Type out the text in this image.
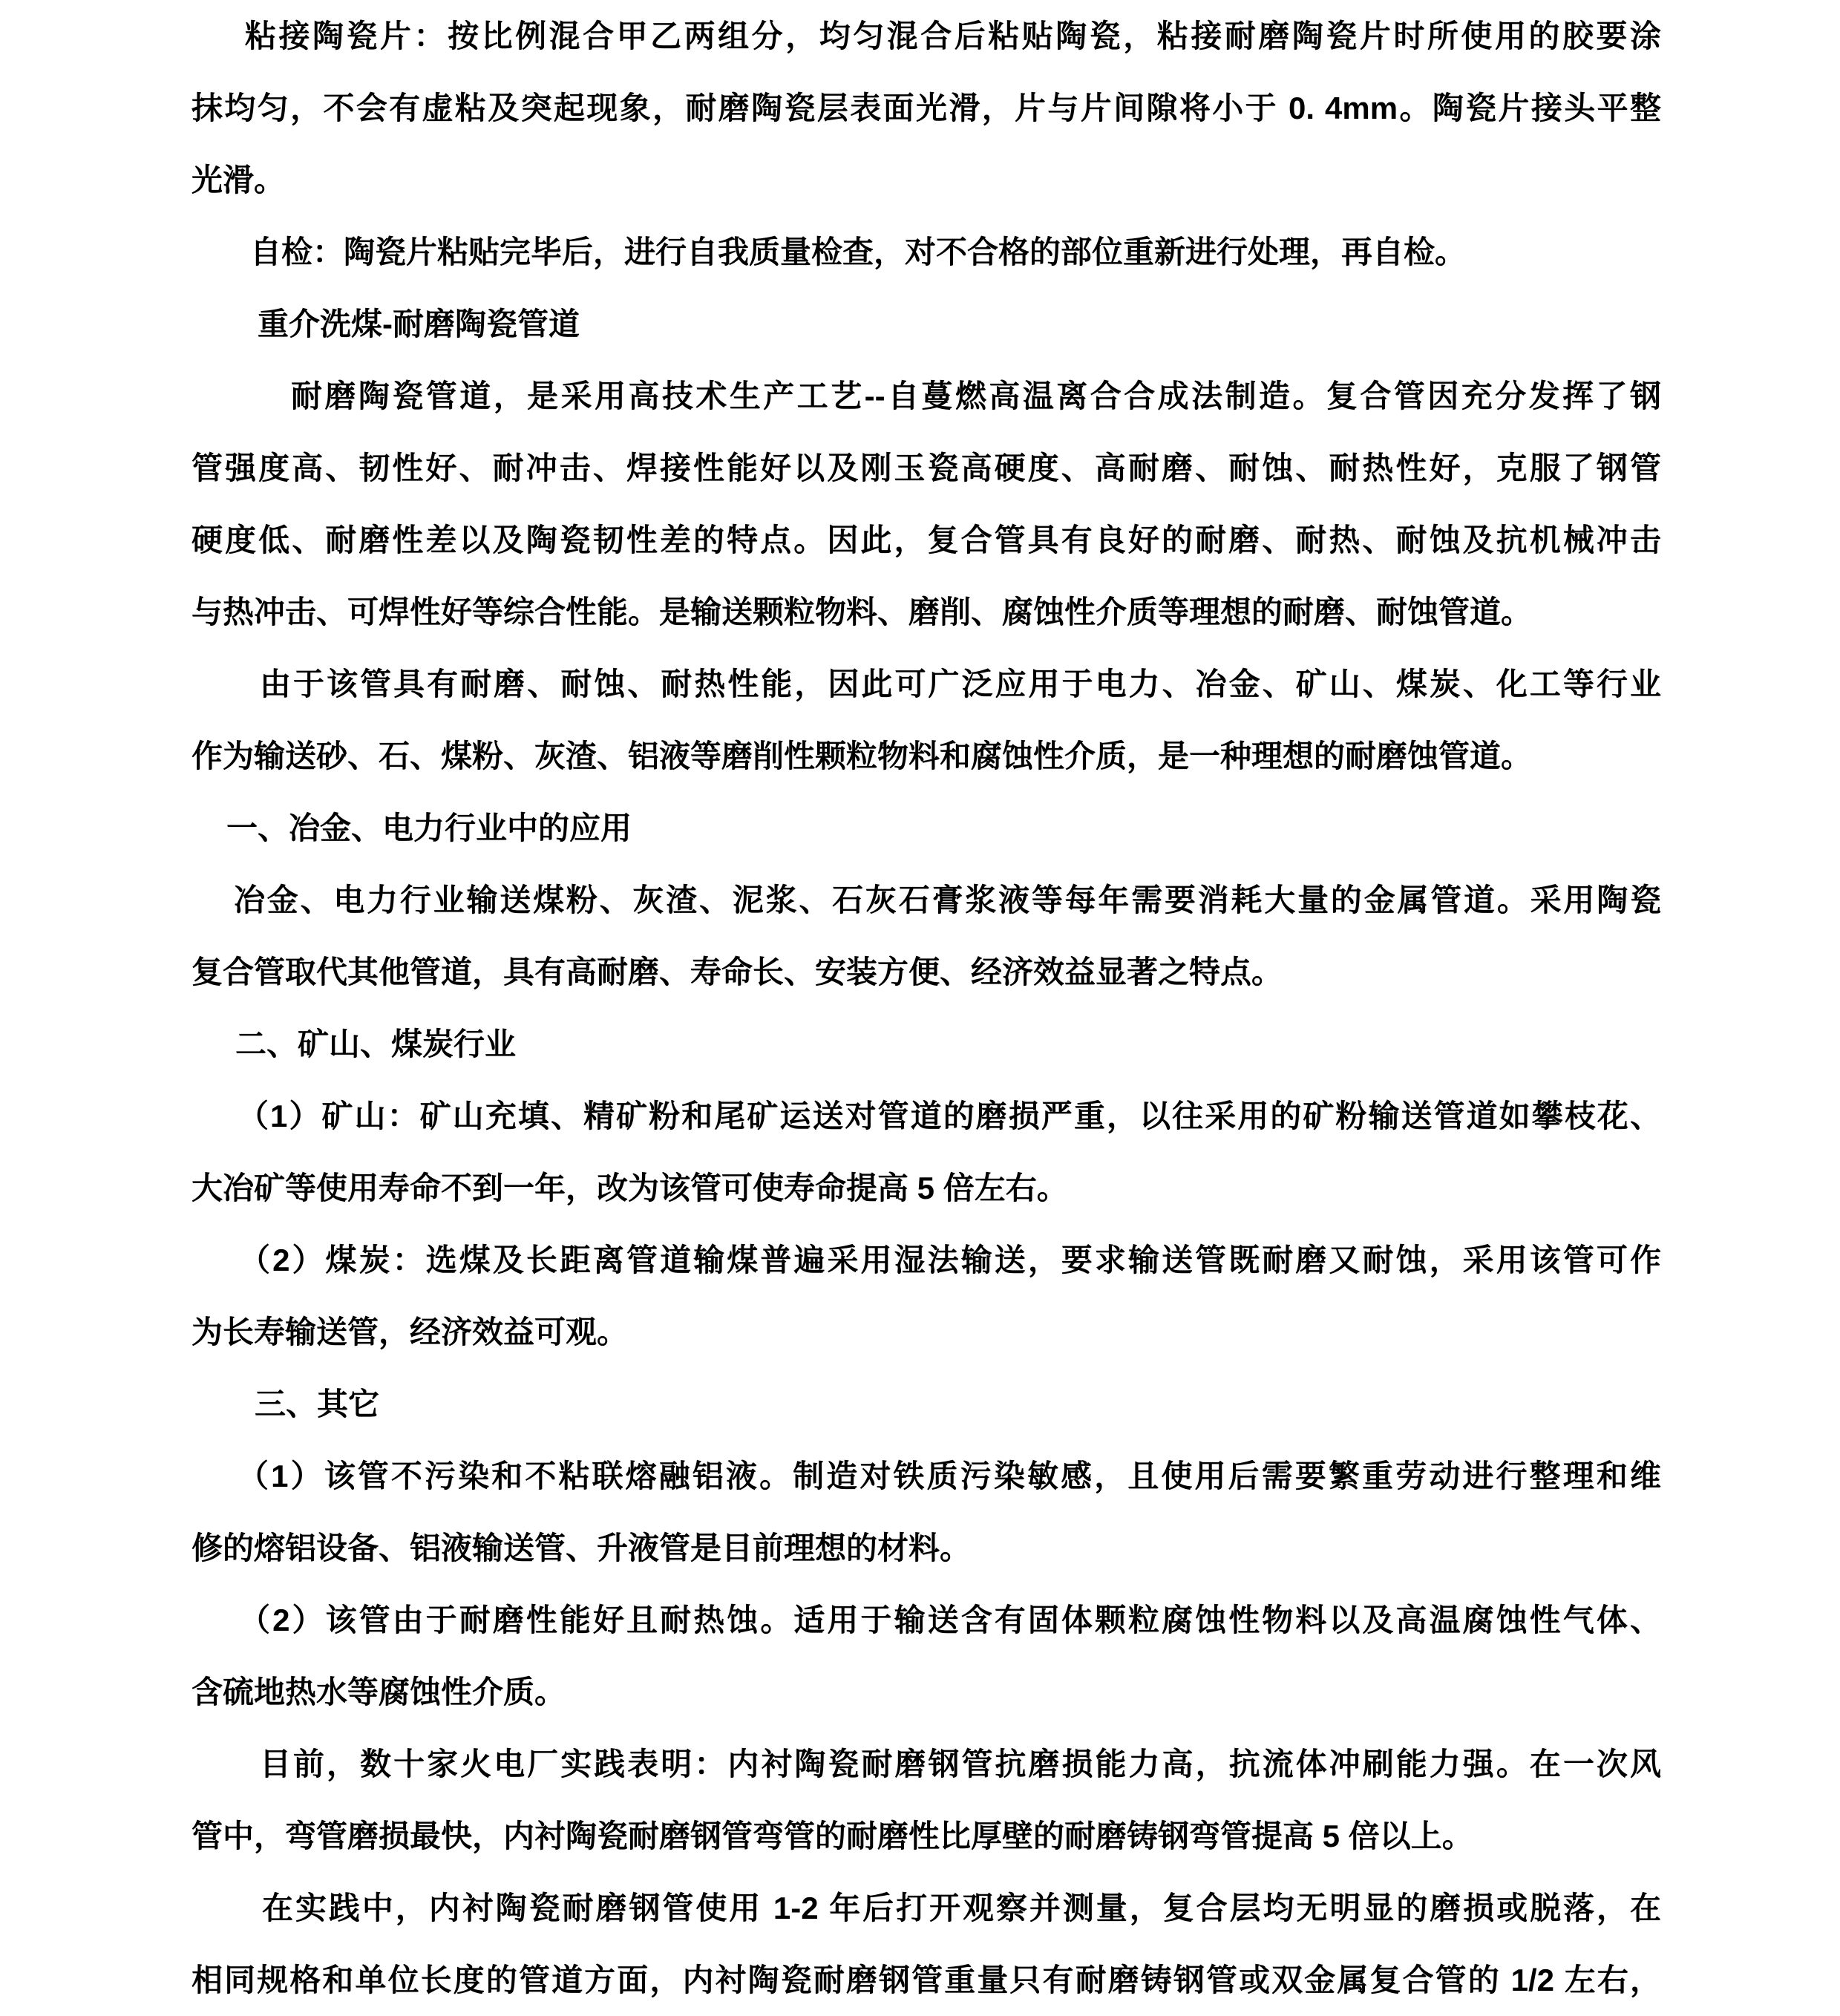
粘接陶瓷片：按比例混合甲乙两组分，均匀混合后粘贴陶瓷，粘接耐磨陶瓷片时所使用的胶要涂
抹均匀，不会有虚粘及突起现象，耐磨陶瓷层表面光滑，片与片间隙将小于 0. 4mm。陶瓷片接头平整
光滑。
自检：陶瓷片粘贴完毕后，进行自我质量检查，对不合格的部位重新进行处理，再自检。
重介洗煤-耐磨陶瓷管道
耐磨陶瓷管道，是采用高技术生产工艺--自蔓燃高温离合合成法制造。复合管因充分发挥了钢
管强度高、韧性好、耐冲击、焊接性能好以及刚玉瓷高硬度、高耐磨、耐蚀、耐热性好，克服了钢管
硬度低、耐磨性差以及陶瓷韧性差的特点。因此，复合管具有良好的耐磨、耐热、耐蚀及抗机械冲击
与热冲击、可焊性好等综合性能。是输送颗粒物料、磨削、腐蚀性介质等理想的耐磨、耐蚀管道。
由于该管具有耐磨、耐蚀、耐热性能，因此可广泛应用于电力、冶金、矿山、煤炭、化工等行业
作为输送砂、石、煤粉、灰渣、铝液等磨削性颗粒物料和腐蚀性介质，是一种理想的耐磨蚀管道。
一、冶金、电力行业中的应用
冶金、电力行业输送煤粉、灰渣、泥浆、石灰石膏浆液等每年需要消耗大量的金属管道。采用陶瓷
复合管取代其他管道，具有高耐磨、寿命长、安装方便、经济效益显著之特点。
二、矿山、煤炭行业
（1）矿山：矿山充填、精矿粉和尾矿运送对管道的磨损严重，以往采用的矿粉输送管道如攀枝花、
大冶矿等使用寿命不到一年，改为该管可使寿命提高 5 倍左右。
（2）煤炭：选煤及长距离管道输煤普遍采用湿法输送，要求输送管既耐磨又耐蚀，采用该管可作
为长寿输送管，经济效益可观。
三、其它
（1）该管不污染和不粘联熔融铝液。制造对铁质污染敏感，且使用后需要繁重劳动进行整理和维
修的熔铝设备、铝液输送管、升液管是目前理想的材料。
（2）该管由于耐磨性能好且耐热蚀。适用于输送含有固体颗粒腐蚀性物料以及高温腐蚀性气体、
含硫地热水等腐蚀性介质。
目前，数十家火电厂实践表明：内衬陶瓷耐磨钢管抗磨损能力高，抗流体冲刷能力强。在一次风
管中，弯管磨损最快，内衬陶瓷耐磨钢管弯管的耐磨性比厚壁的耐磨铸钢弯管提高 5 倍以上。
在实践中，内衬陶瓷耐磨钢管使用 1-2 年后打开观察并测量，复合层均无明显的磨损或脱落，在
相同规格和单位长度的管道方面，内衬陶瓷耐磨钢管重量只有耐磨铸钢管或双金属复合管的 1/2 左右，
